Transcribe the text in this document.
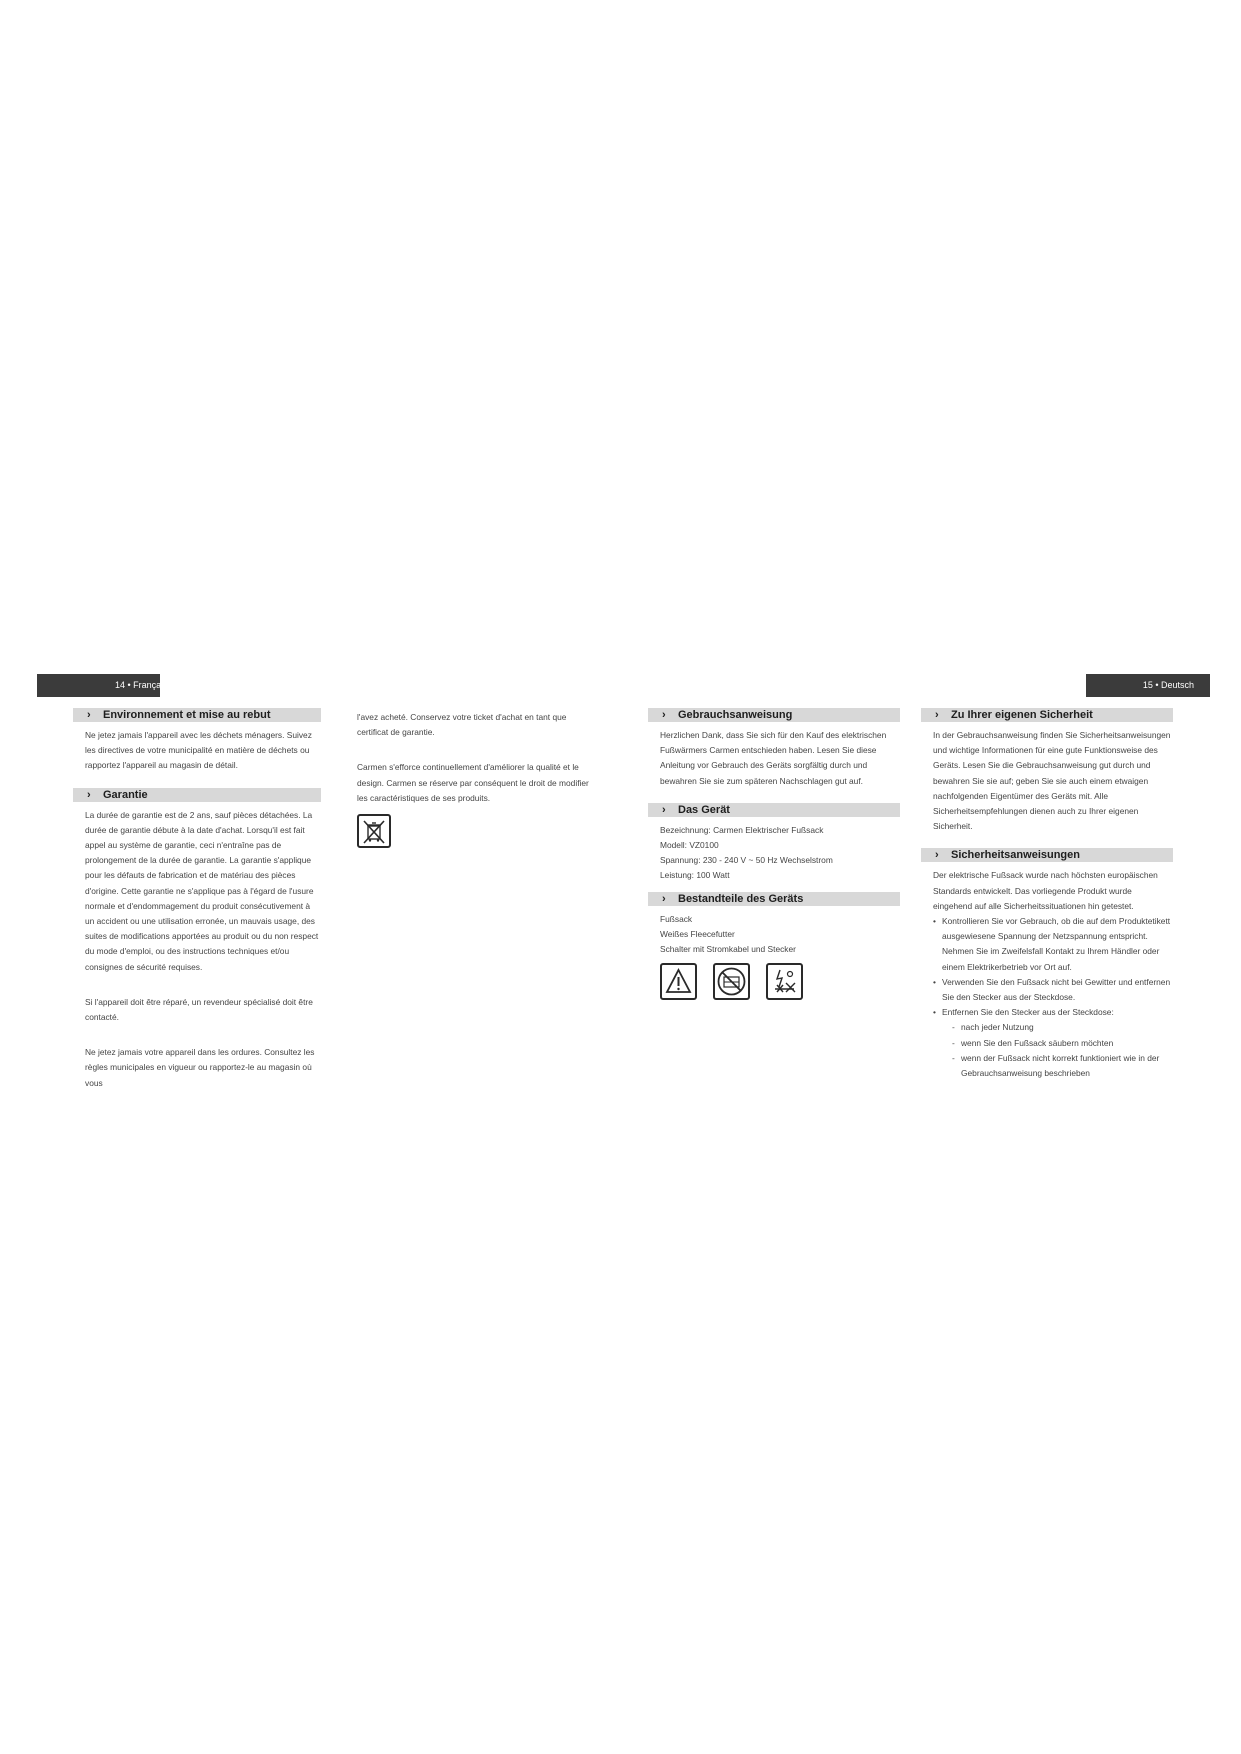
14 • Français	15 • Deutsch
› Environnement et mise au rebut

Ne jetez jamais l'appareil avec les déchets ménagers. Suivez les directives de votre municipalité en matière de déchets ou rapportez l'appareil au magasin de détail.

› Garantie

La durée de garantie est de 2 ans, sauf pièces détachées. La durée de garantie débute à la date d'achat. Lorsqu'il est fait appel au système de garantie, ceci n'entraîne pas de prolongement de la durée de garantie. La garantie s'applique pour les défauts de fabrication et de matériau des pièces d'origine. Cette garantie ne s'applique pas à l'égard de l'usure normale et d'endommagement du produit consécutivement à un accident ou une utilisation erronée, un mauvais usage, des suites de modifications apportées au produit ou du non respect du mode d'emploi, ou des instructions techniques et/ou consignes de sécurité requises.

Si l'appareil doit être réparé, un revendeur spécialisé doit être contacté.

Ne jetez jamais votre appareil dans les ordures. Consultez les règles municipales en vigueur ou rapportez-le au magasin où vous

l'avez acheté. Conservez votre ticket d'achat en tant que certificat de garantie.

Carmen s'efforce continuellement d'améliorer la qualité et le design. Carmen se réserve par conséquent le droit de modifier les caractéristiques de ses produits.

› Gebrauchsanweisung

Herzlichen Dank, dass Sie sich für den Kauf des elektrischen Fußwärmers Carmen entschieden haben. Lesen Sie diese Anleitung vor Gebrauch des Geräts sorgfältig durch und bewahren Sie sie zum späteren Nachschlagen gut auf.

› Das Gerät
Bezeichnung: Carmen Elektrischer Fußsack
Modell: VZ0100
Spannung: 230 - 240 V ~ 50 Hz Wechselstrom
Leistung: 100 Watt
› Bestandteile des Geräts
Fußsack
Weißes Fleecefutter
Schalter mit Stromkabel und Stecker
› Zu Ihrer eigenen Sicherheit

In der Gebrauchsanweisung finden Sie Sicherheitsanweisungen und wichtige Informationen für eine gute Funktionsweise des Geräts. Lesen Sie die Gebrauchsanweisung gut durch und bewahren Sie sie auf; geben Sie sie auch einem etwaigen nachfolgenden Eigentümer des Geräts mit. Alle Sicherheitsempfehlungen dienen auch zu Ihrer eigenen Sicherheit.

› Sicherheitsanweisungen

Der elektrische Fußsack wurde nach höchsten europäischen Standards entwickelt. Das vorliegende Produkt wurde eingehend auf alle Sicherheitssituationen hin getestet.

• Kontrollieren Sie vor Gebrauch, ob die auf dem Produktetikett ausgewiesene Spannung der Netzspannung entspricht. Nehmen Sie im Zweifelsfall Kontakt zu Ihrem Händler oder einem Elektrikerbetrieb vor Ort auf.
• Verwenden Sie den Fußsack nicht bei Gewitter und entfernen Sie den Stecker aus der Steckdose.
• Entfernen Sie den Stecker aus der Steckdose:
- nach jeder Nutzung
- wenn Sie den Fußsack säubern möchten
- wenn der Fußsack nicht korrekt funktioniert wie in der Gebrauchsanweisung beschrieben
